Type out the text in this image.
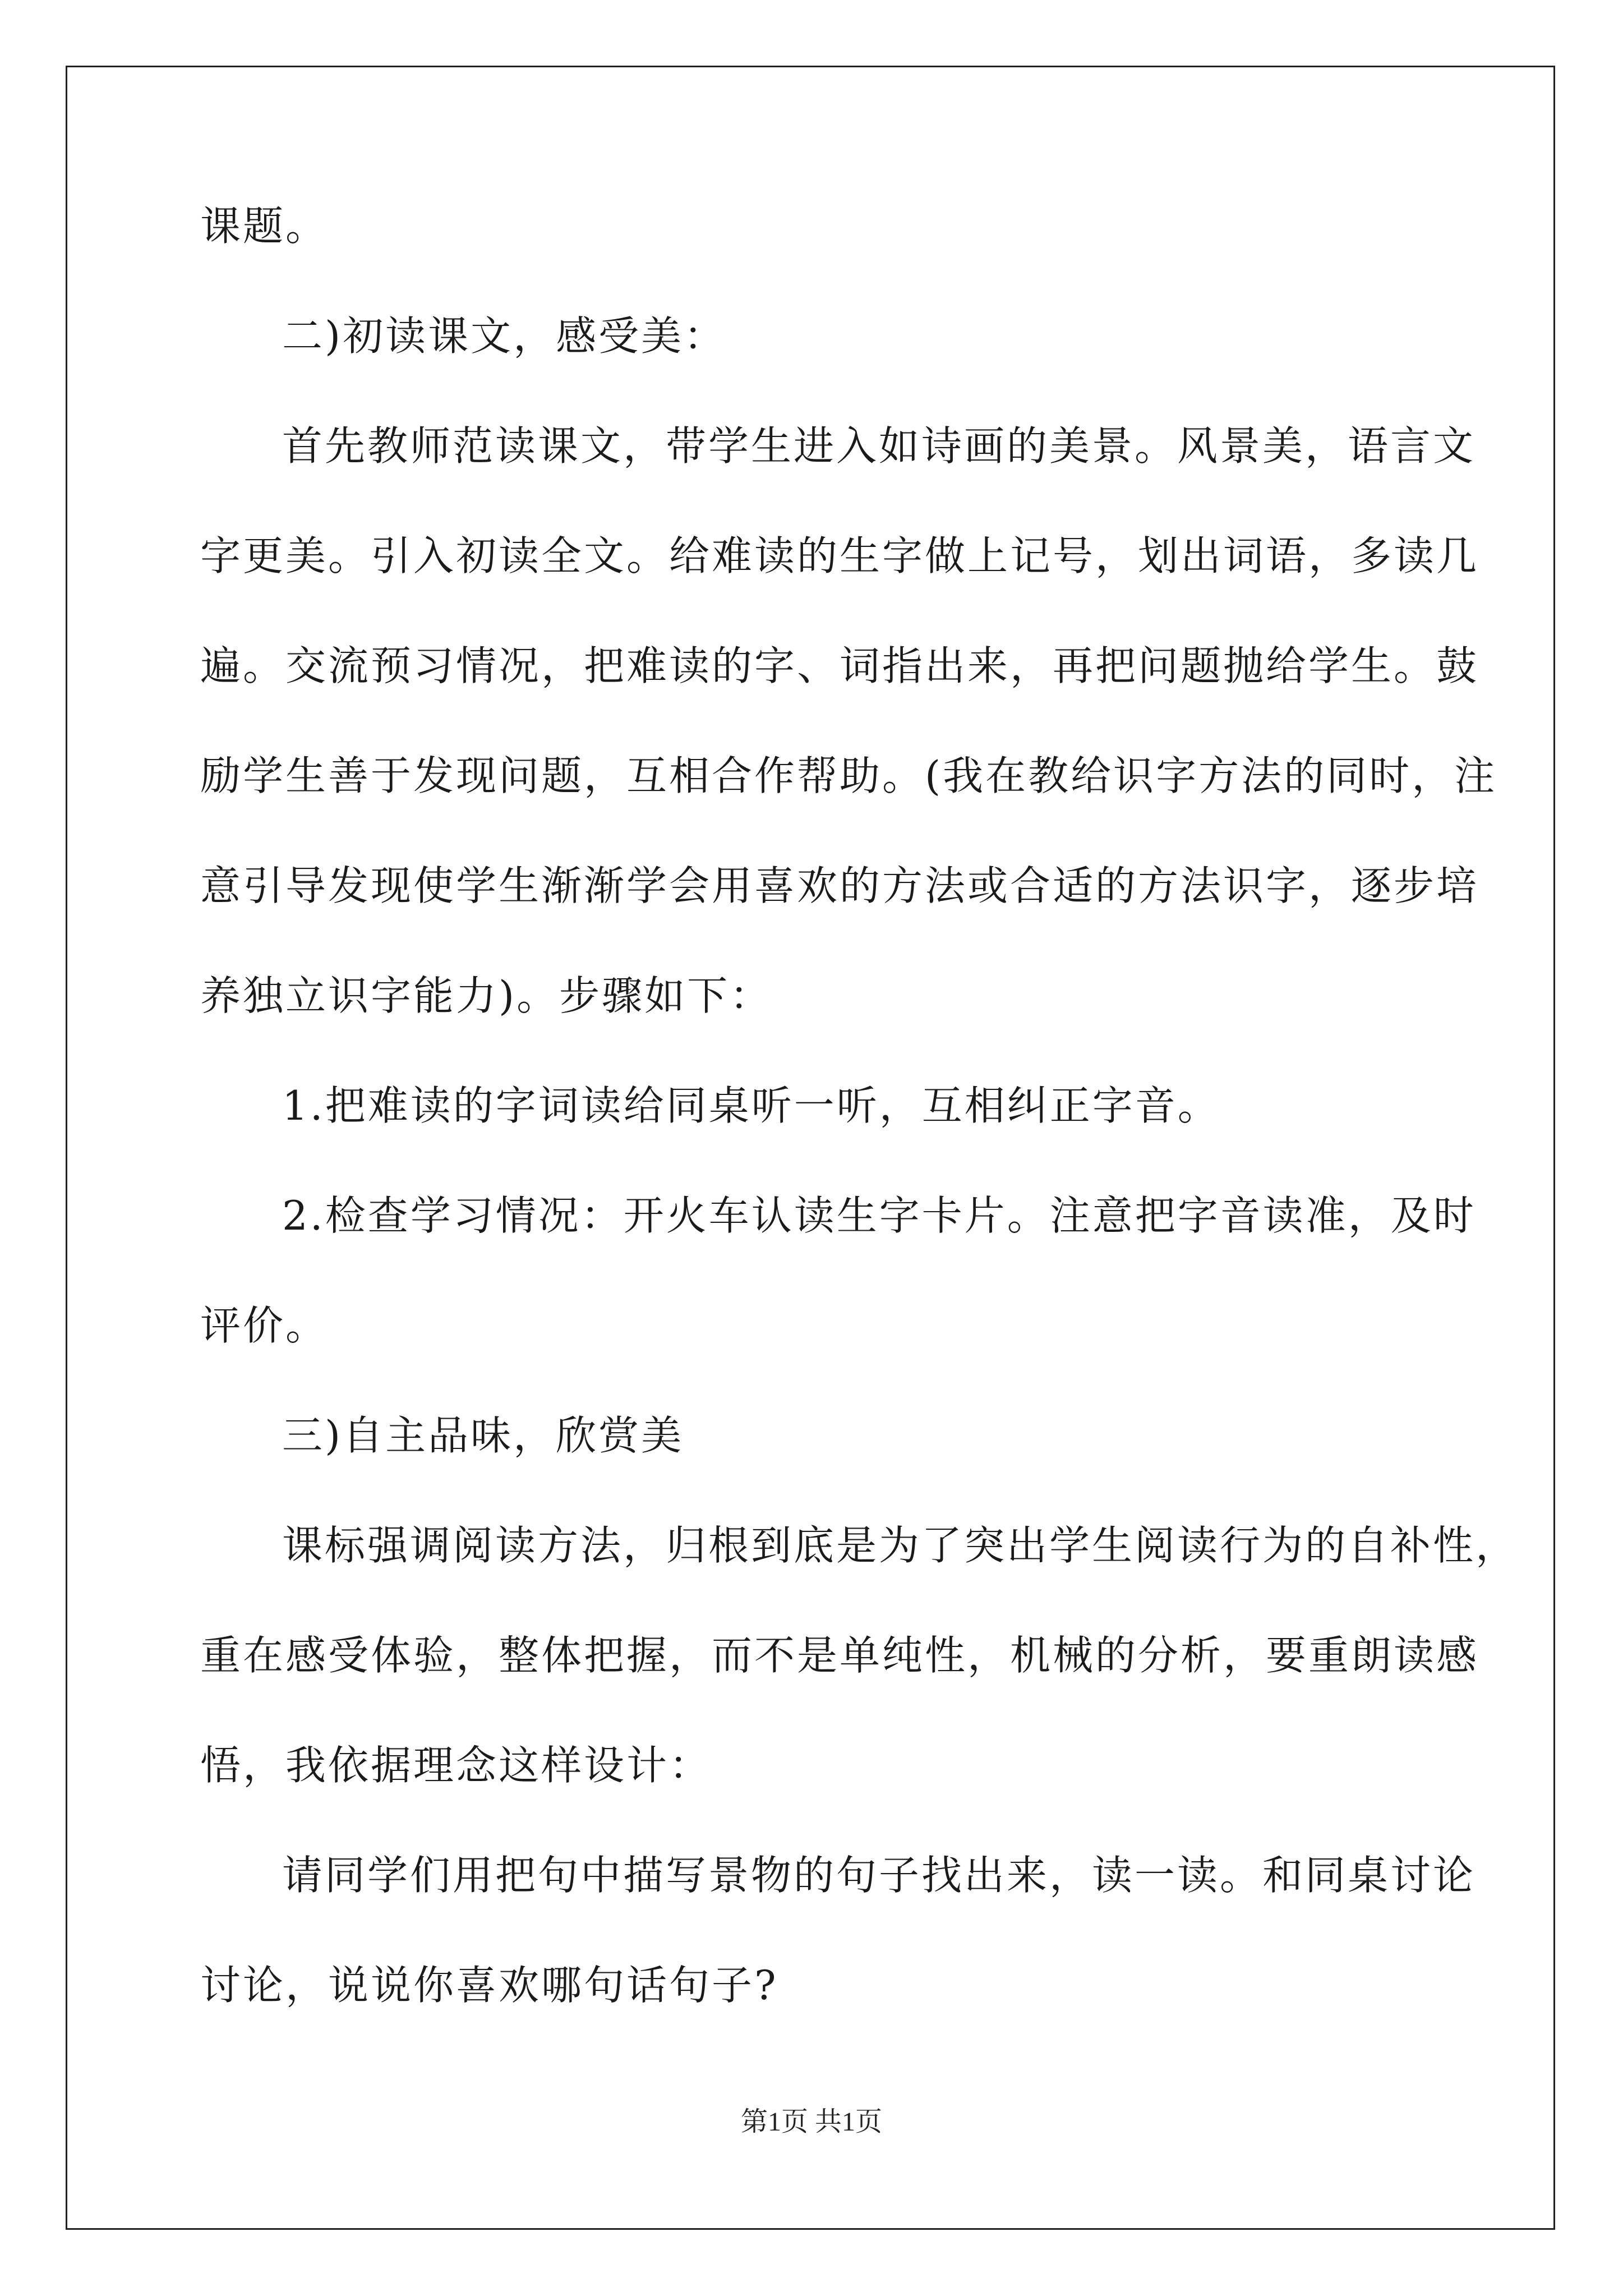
课题。
二)初读课文，感受美：
首先教师范读课文，带学生进入如诗画的美景。风景美，语言文
字更美。引入初读全文。给难读的生字做上记号，划出词语，多读几
遍。交流预习情况，把难读的字、词指出来，再把问题抛给学生。鼓
励学生善于发现问题，互相合作帮助。(我在教给识字方法的同时，注
意引导发现使学生渐渐学会用喜欢的方法或合适的方法识字，逐步培
养独立识字能力)。步骤如下：
1.把难读的字词读给同桌听一听，互相纠正字音。
2.检查学习情况：开火车认读生字卡片。注意把字音读准，及时
评价。
三)自主品味，欣赏美
课标强调阅读方法，归根到底是为了突出学生阅读行为的自补性，
重在感受体验，整体把握，而不是单纯性，机械的分析，要重朗读感
悟，我依据理念这样设计：
请同学们用把句中描写景物的句子找出来，读一读。和同桌讨论
讨论，说说你喜欢哪句话句子?
第1页 共1页
